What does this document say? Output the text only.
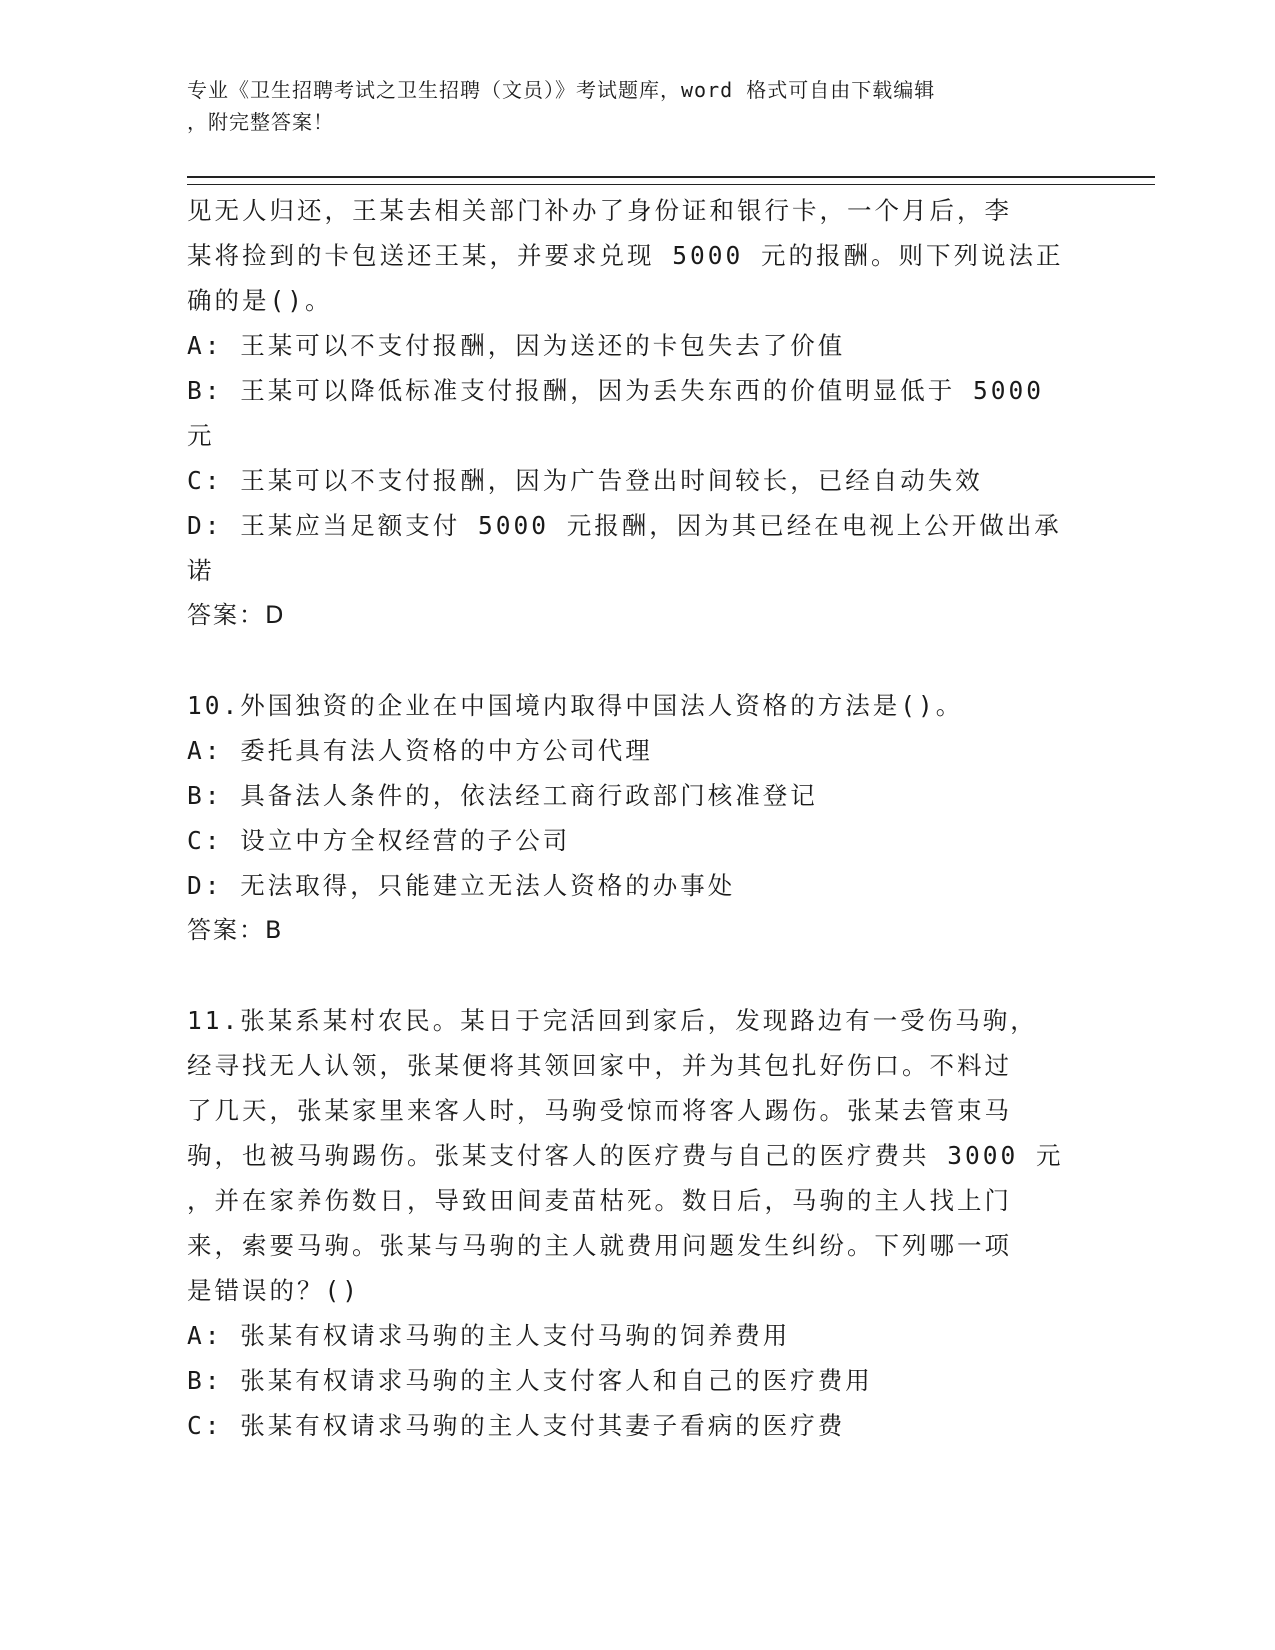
专业《卫生招聘考试之卫生招聘（文员）》考试题库，word 格式可自由下载编辑
，附完整答案！
见无人归还，王某去相关部门补办了身份证和银行卡，一个月后，李
某将捡到的卡包送还王某，并要求兑现 5000 元的报酬。则下列说法正
确的是()。
A: 王某可以不支付报酬，因为送还的卡包失去了价值
B: 王某可以降低标准支付报酬，因为丢失东西的价值明显低于 5000
元
C: 王某可以不支付报酬，因为广告登出时间较长，已经自动失效
D: 王某应当足额支付 5000 元报酬，因为其已经在电视上公开做出承
诺
答案：D
10.外国独资的企业在中国境内取得中国法人资格的方法是()。
A: 委托具有法人资格的中方公司代理
B: 具备法人条件的，依法经工商行政部门核准登记
C: 设立中方全权经营的子公司
D: 无法取得，只能建立无法人资格的办事处
答案：B
11.张某系某村农民。某日于完活回到家后，发现路边有一受伤马驹，
经寻找无人认领，张某便将其领回家中，并为其包扎好伤口。不料过
了几天，张某家里来客人时，马驹受惊而将客人踢伤。张某去管束马
驹，也被马驹踢伤。张某支付客人的医疗费与自己的医疗费共 3000 元
，并在家养伤数日，导致田间麦苗枯死。数日后，马驹的主人找上门
来，索要马驹。张某与马驹的主人就费用问题发生纠纷。下列哪一项
是错误的？()
A: 张某有权请求马驹的主人支付马驹的饲养费用
B: 张某有权请求马驹的主人支付客人和自己的医疗费用
C: 张某有权请求马驹的主人支付其妻子看病的医疗费
